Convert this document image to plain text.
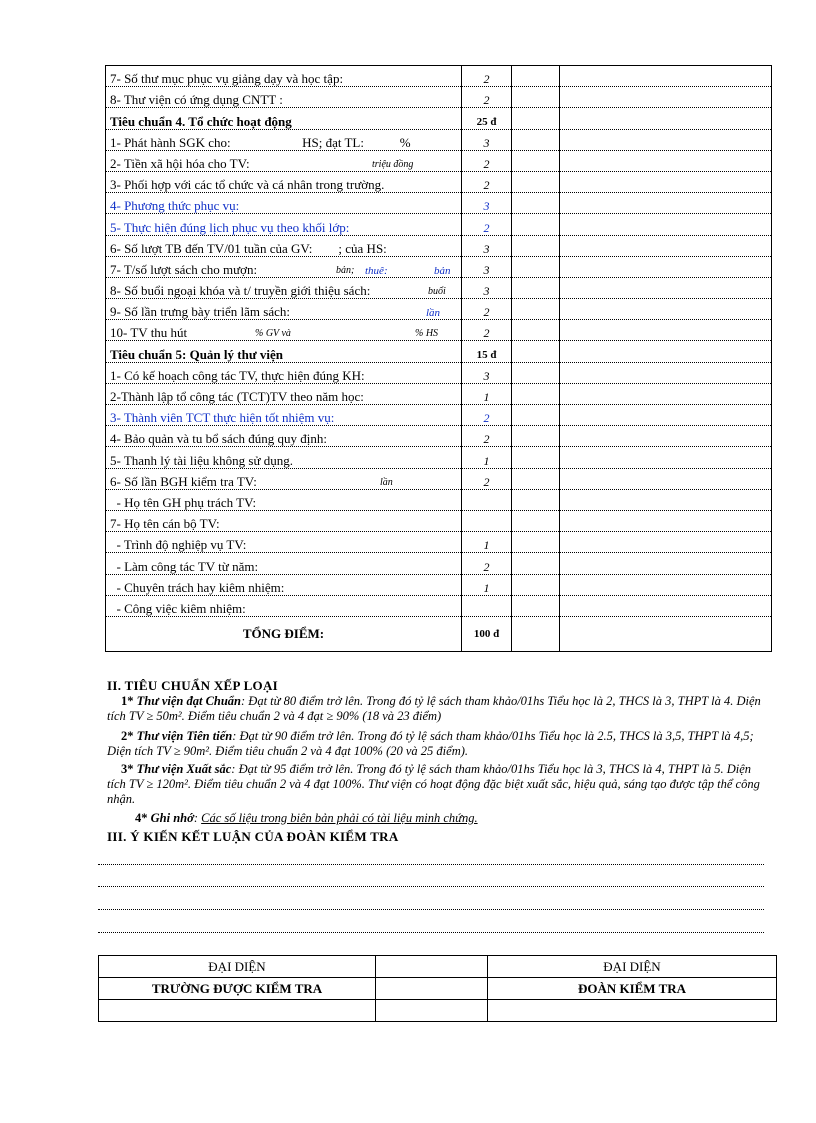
7- Số thư mục phục vụ giảng dạy và học tập:	2		

8- Thư viện có ứng dụng CNTT :	2		

Tiêu chuẩn 4. Tổ chức hoạt động	25 đ		

1- Phát hành SGK cho:                      HS; đạt TL:           %	3		

2- Tiền xã hội hóa cho TV: triệu đồng	2		

3- Phối hợp với các tổ chức và cá nhân trong trường.	2		

4- Phương thức phục vụ:	3		

5- Thực hiện đúng lịch phục vụ theo khối lớp:	2		

6- Số lượt TB đến TV/01 tuần của GV:        ; của HS:	3		

7- T/số lượt sách cho mượn: bản; thuê: bản	3		

8- Số buổi ngoại khóa và t/ truyền giới thiệu sách: buổi	3		

9- Số lần trưng bày triển lãm sách: lần	2		

10- TV thu hút % GV và % HS	2		

Tiêu chuẩn 5: Quản lý thư viện	15 đ		

1- Có kế hoạch công tác TV, thực hiện đúng KH:	3		

2-Thành lập tổ công tác (TCT)TV theo năm học:	1		

3- Thành viên TCT thực hiện tốt nhiệm vụ:	2		

4- Bảo quản và tu bổ sách đúng quy định:	2		

5- Thanh lý tài liệu không sử dụng.	1		

6- Số lần BGH kiểm tra TV: lần	2		

- Họ tên GH phụ trách TV:			

7- Họ tên cán bộ TV:			

- Trình độ nghiệp vụ TV:	1		

- Làm công tác TV từ năm:	2		

- Chuyên trách hay kiêm nhiệm:	1		

- Công việc kiêm nhiệm:			

TỔNG ĐIỂM:	100 đ		
II. TIÊU CHUẨN XẾP LOẠI
1* Thư viện đạt Chuẩn: Đạt từ 80 điểm trở lên. Trong đó tỷ lệ sách tham khảo/01hs Tiểu học là 2, THCS là 3, THPT là 4. Diện tích TV ≥ 50m². Điểm tiêu chuẩn 2 và 4 đạt ≥ 90% (18 và 23 điểm)
2* Thư viện Tiên tiến: Đạt từ 90 điểm trở lên. Trong đó tỷ lệ sách tham khảo/01hs Tiểu học là 2.5, THCS là 3,5, THPT là 4,5; Diện tích TV ≥ 90m². Điểm tiêu chuẩn 2 và 4 đạt 100% (20 và 25 điểm).
3* Thư viện Xuất sắc: Đạt từ 95 điểm trở lên. Trong đó tỷ lệ sách tham khảo/01hs Tiểu học là 3, THCS là 4, THPT là 5. Diện tích TV ≥ 120m². Điểm tiêu chuẩn 2 và 4 đạt 100%. Thư viện có hoạt động đặc biệt xuất sắc, hiệu quả, sáng tạo được tập thể công nhận.
4* Ghi nhớ: Các số liệu trong biên bản phải có tài liệu minh chứng.
III. Ý KIẾN KẾT LUẬN CỦA ĐOÀN KIỂM TRA
ĐẠI DIỆN		ĐẠI DIỆN
TRƯỜNG ĐƯỢC KIỂM TRA		ĐOÀN KIỂM TRA
